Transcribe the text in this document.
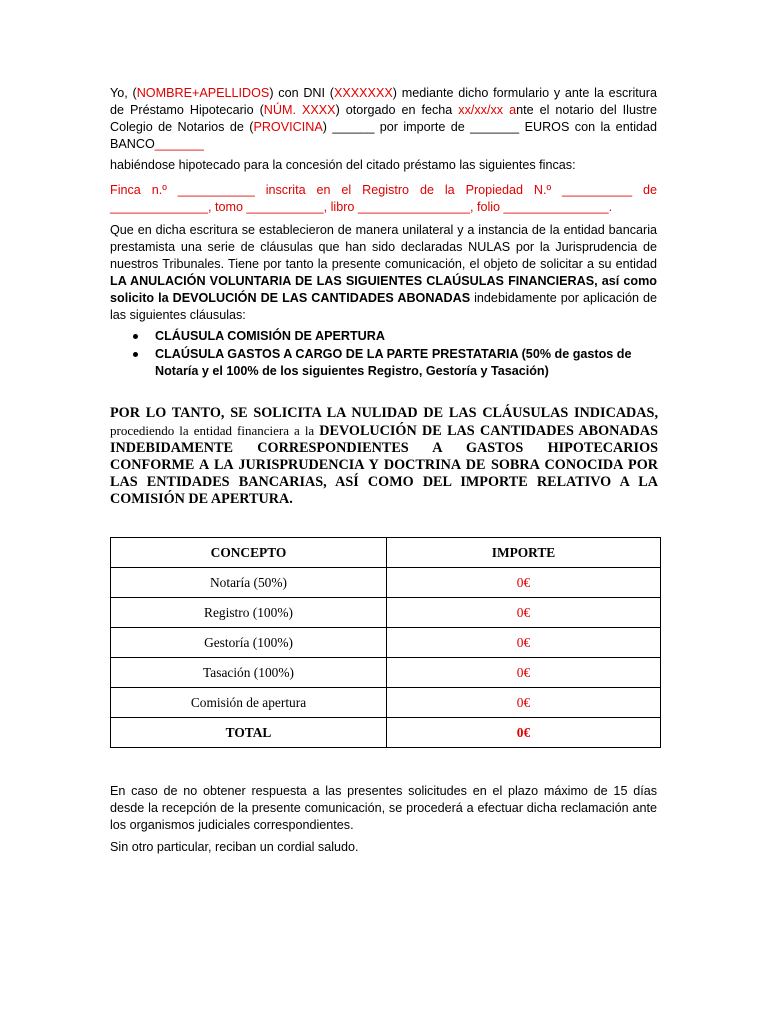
Yo, (NOMBRE+APELLIDOS) con DNI (XXXXXXX) mediante dicho formulario y ante la escritura de Préstamo Hipotecario (NÚM. XXXX) otorgado en fecha xx/xx/xx ante el notario del Ilustre Colegio de Notarios de (PROVICINA) ______ por importe de _______ EUROS con la entidad BANCO_______

habiéndose hipotecado para la concesión del citado préstamo las siguientes fincas:

Finca n.º ___________ inscrita en el Registro de la Propiedad N.º __________ de ______________, tomo ___________, libro ________________, folio _______________.

Que en dicha escritura se establecieron de manera unilateral y a instancia de la entidad bancaria prestamista una serie de cláusulas que han sido declaradas NULAS por la Jurisprudencia de nuestros Tribunales. Tiene por tanto la presente comunicación, el objeto de solicitar a su entidad LA ANULACIÓN VOLUNTARIA DE LAS SIGUIENTES CLAÚSULAS FINANCIERAS, así como solicito la DEVOLUCIÓN DE LAS CANTIDADES ABONADAS indebidamente por aplicación de las siguientes cláusulas:

CLÁUSULA COMISIÓN DE APERTURA
CLAÚSULA GASTOS A CARGO DE LA PARTE PRESTATARIA (50% de gastos de Notaría y el 100% de los siguientes Registro, Gestoría y Tasación)

POR LO TANTO, SE SOLICITA LA NULIDAD DE LAS CLÁUSULAS INDICADAS, procediendo la entidad financiera a la DEVOLUCIÓN DE LAS CANTIDADES ABONADAS INDEBIDAMENTE CORRESPONDIENTES A GASTOS HIPOTECARIOS CONFORME A LA JURISPRUDENCIA Y DOCTRINA DE SOBRA CONOCIDA POR LAS ENTIDADES BANCARIAS, ASÍ COMO DEL IMPORTE RELATIVO A LA COMISIÓN DE APERTURA.

CONCEPTO	IMPORTE
Notaría (50%)	0€
Registro (100%)	0€
Gestoría (100%)	0€
Tasación (100%)	0€
Comisión de apertura	0€
TOTAL	0€

En caso de no obtener respuesta a las presentes solicitudes en el plazo máximo de 15 días desde la recepción de la presente comunicación, se procederá a efectuar dicha reclamación ante los organismos judiciales correspondientes.

Sin otro particular, reciban un cordial saludo.
